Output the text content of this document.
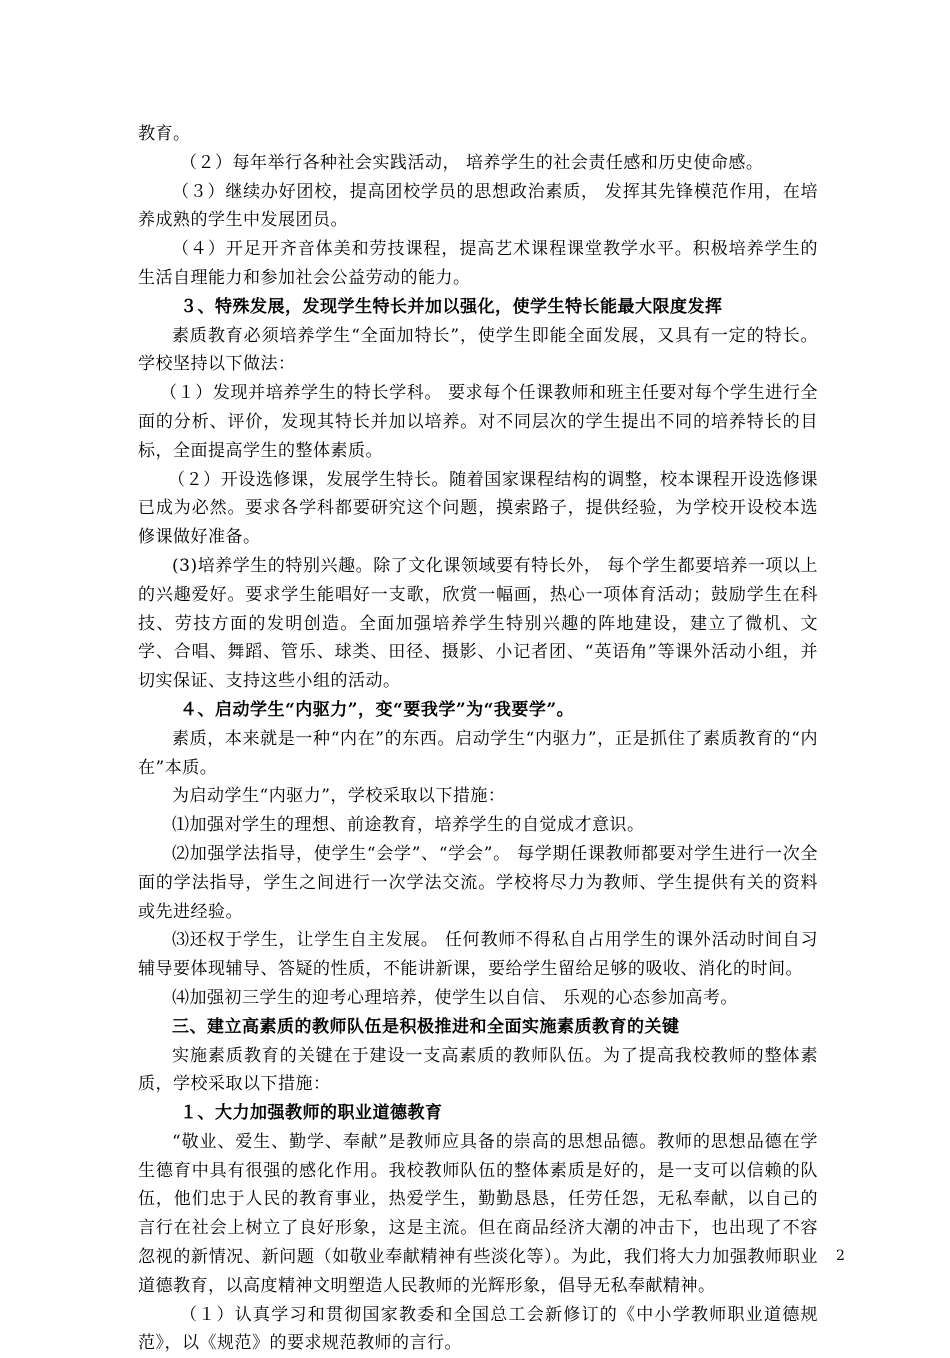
教育。

（２）每年举行各种社会实践活动， 培养学生的社会责任感和历史使命感。

（３）继续办好团校，提高团校学员的思想政治素质， 发挥其先锋模范作用，在培养成熟的学生中发展团员。

（４）开足开齐音体美和劳技课程，提高艺术课程课堂教学水平。积极培养学生的生活自理能力和参加社会公益劳动的能力。

３、特殊发展，发现学生特长并加以强化，使学生特长能最大限度发挥

素质教育必须培养学生“全面加特长”，使学生即能全面发展，又具有一定的特长。 学校坚持以下做法：

（１）发现并培养学生的特长学科。 要求每个任课教师和班主任要对每个学生进行全面的分析、评价，发现其特长并加以培养。对不同层次的学生提出不同的培养特长的目标，全面提高学生的整体素质。

（２）开设选修课，发展学生特长。随着国家课程结构的调整，校本课程开设选修课已成为必然。要求各学科都要研究这个问题，摸索路子，提供经验，为学校开设校本选修课做好准备。

(3)培养学生的特别兴趣。除了文化课领域要有特长外， 每个学生都要培养一项以上的兴趣爱好。要求学生能唱好一支歌，欣赏一幅画，热心一项体育活动；鼓励学生在科技、劳技方面的发明创造。全面加强培养学生特别兴趣的阵地建设，建立了微机、文学、合唱、舞蹈、管乐、球类、田径、摄影、小记者团、“英语角”等课外活动小组，并切实保证、支持这些小组的活动。

４、启动学生“内驱力”，变“要我学”为“我要学”。

素质，本来就是一种“内在”的东西。启动学生“内驱力”，正是抓住了素质教育的“内在”本质。

为启动学生“内驱力”，学校采取以下措施：

⑴加强对学生的理想、前途教育，培养学生的自觉成才意识。

⑵加强学法指导，使学生“会学”、“学会”。 每学期任课教师都要对学生进行一次全面的学法指导，学生之间进行一次学法交流。学校将尽力为教师、学生提供有关的资料或先进经验。

⑶还权于学生，让学生自主发展。 任何教师不得私自占用学生的课外活动时间自习辅导要体现辅导、答疑的性质，不能讲新课，要给学生留给足够的吸收、消化的时间。

⑷加强初三学生的迎考心理培养，使学生以自信、 乐观的心态参加高考。

三、建立高素质的教师队伍是积极推进和全面实施素质教育的关键

实施素质教育的关键在于建设一支高素质的教师队伍。为了提高我校教师的整体素质，学校采取以下措施：

１、大力加强教师的职业道德教育

“敬业、爱生、勤学、奉献”是教师应具备的崇高的思想品德。教师的思想品德在学生德育中具有很强的感化作用。我校教师队伍的整体素质是好的，是一支可以信赖的队伍，他们忠于人民的教育事业，热爱学生，勤勤恳恳，任劳任怨，无私奉献，以自己的言行在社会上树立了良好形象，这是主流。但在商品经济大潮的冲击下，也出现了不容忽视的新情况、新问题（如敬业奉献精神有些淡化等）。为此，我们将大力加强教师职业道德教育，以高度精神文明塑造人民教师的光辉形象，倡导无私奉献精神。

（１）认真学习和贯彻国家教委和全国总工会新修订的《中小学教师职业道德规范》，以《规范》的要求规范教师的言行。

2
